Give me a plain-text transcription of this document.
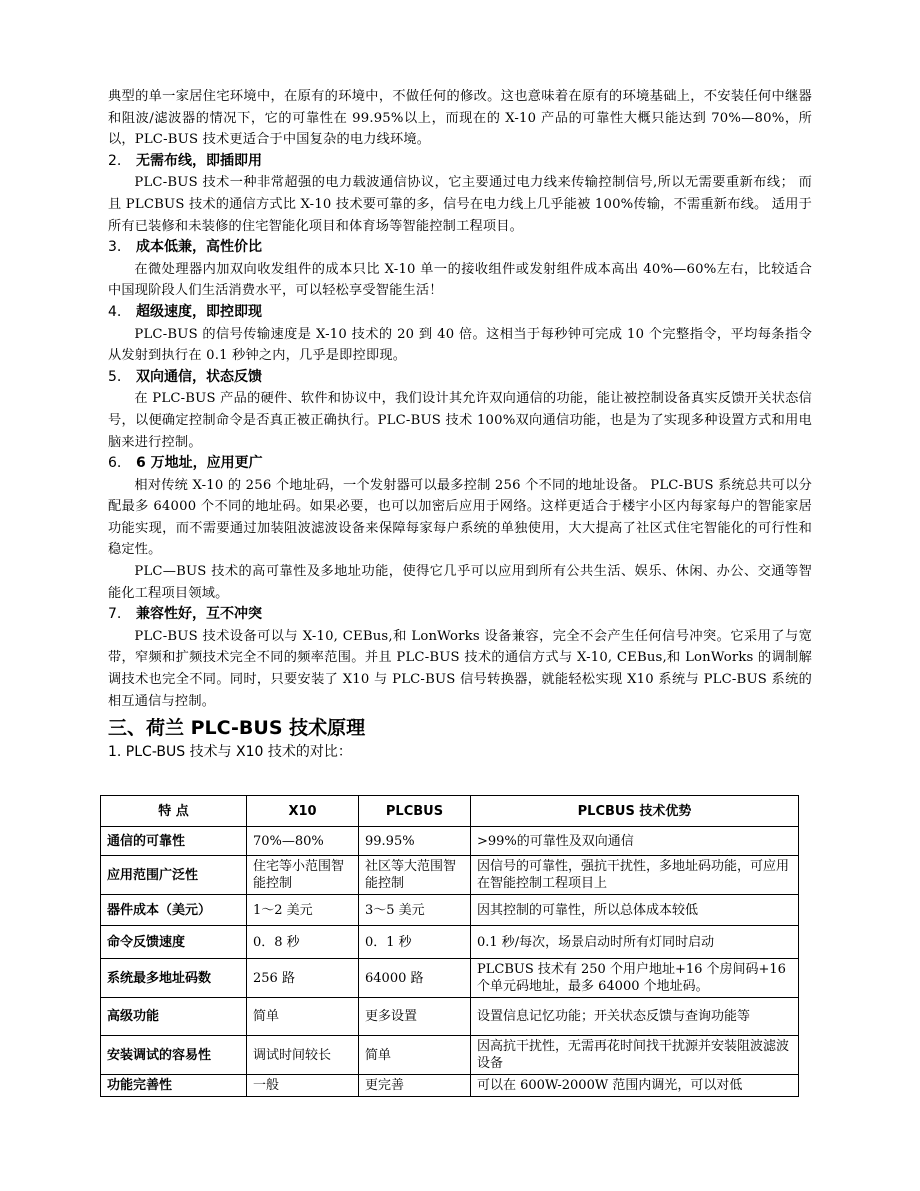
典型的单一家居住宅环境中，在原有的环境中，不做任何的修改。这也意味着在原有的环境基础上，不安装任何中继器和阻波/滤波器的情况下，它的可靠性在 99.95%以上，而现在的 X-10 产品的可靠性大概只能达到 70%—80%，所以，PLC-BUS 技术更适合于中国复杂的电力线环境。

2. 无需布线，即插即用

PLC-BUS 技术一种非常超强的电力载波通信协议，它主要通过电力线来传输控制信号,所以无需要重新布线； 而且 PLCBUS 技术的通信方式比 X-10 技术要可靠的多，信号在电力线上几乎能被 100%传输，不需重新布线。 适用于所有已装修和未装修的住宅智能化项目和体育场等智能控制工程项目。

3. 成本低兼，高性价比

在微处理器内加双向收发组件的成本只比 X-10 单一的接收组件或发射组件成本高出 40%—60%左右，比较适合中国现阶段人们生活消费水平，可以轻松享受智能生活！

4. 超级速度，即控即现

PLC-BUS 的信号传输速度是 X-10 技术的 20 到 40 倍。这相当于每秒钟可完成 10 个完整指令，平均每条指令从发射到执行在 0.1 秒钟之内，几乎是即控即现。

5. 双向通信，状态反馈

在 PLC-BUS 产品的硬件、软件和协议中，我们设计其允许双向通信的功能，能让被控制设备真实反馈开关状态信号，以便确定控制命令是否真正被正确执行。PLC-BUS 技术 100%双向通信功能，也是为了实现多种设置方式和用电脑来进行控制。

6. 6 万地址，应用更广

相对传统 X-10 的 256 个地址码，一个发射器可以最多控制 256 个不同的地址设备。 PLC-BUS 系统总共可以分配最多 64000 个不同的地址码。如果必要，也可以加密后应用于网络。这样更适合于楼宇小区内每家每户的智能家居功能实现，而不需要通过加装阻波滤波设备来保障每家每户系统的单独使用，大大提高了社区式住宅智能化的可行性和稳定性。

PLC—BUS 技术的高可靠性及多地址功能，使得它几乎可以应用到所有公共生活、娱乐、休闲、办公、交通等智能化工程项目领域。

7. 兼容性好，互不冲突

PLC-BUS 技术设备可以与 X-10, CEBus,和 LonWorks 设备兼容，完全不会产生任何信号冲突。它采用了与宽带，窄频和扩频技术完全不同的频率范围。并且 PLC-BUS 技术的通信方式与 X-10, CEBus,和 LonWorks 的调制解调技术也完全不同。同时，只要安装了 X10 与 PLC-BUS 信号转换器，就能轻松实现 X10 系统与 PLC-BUS 系统的相互通信与控制。

三、荷兰 PLC-BUS 技术原理

1. PLC-BUS 技术与 X10 技术的对比：

特 点	X10	PLCBUS	PLCBUS 技术优势
通信的可靠性	70%—80%	99.95%	>99%的可靠性及双向通信
应用范围广泛性	住宅等小范围智能控制	社区等大范围智能控制	因信号的可靠性，强抗干扰性，多地址码功能，可应用在智能控制工程项目上
器件成本（美元）	1～2 美元	3～5 美元	因其控制的可靠性，所以总体成本较低
命令反馈速度	0．8 秒	0．1 秒	0.1 秒/每次，场景启动时所有灯同时启动
系统最多地址码数	256 路	64000 路	PLCBUS 技术有 250 个用户地址+16 个房间码+16 个单元码地址，最多 64000 个地址码。
高级功能	简单	更多设置	设置信息记忆功能；开关状态反馈与查询功能等
安装调试的容易性	调试时间较长	简单	因高抗干扰性，无需再花时间找干扰源并安装阻波滤波设备
功能完善性	一般	更完善	可以在 600W-2000W 范围内调光，可以对低
